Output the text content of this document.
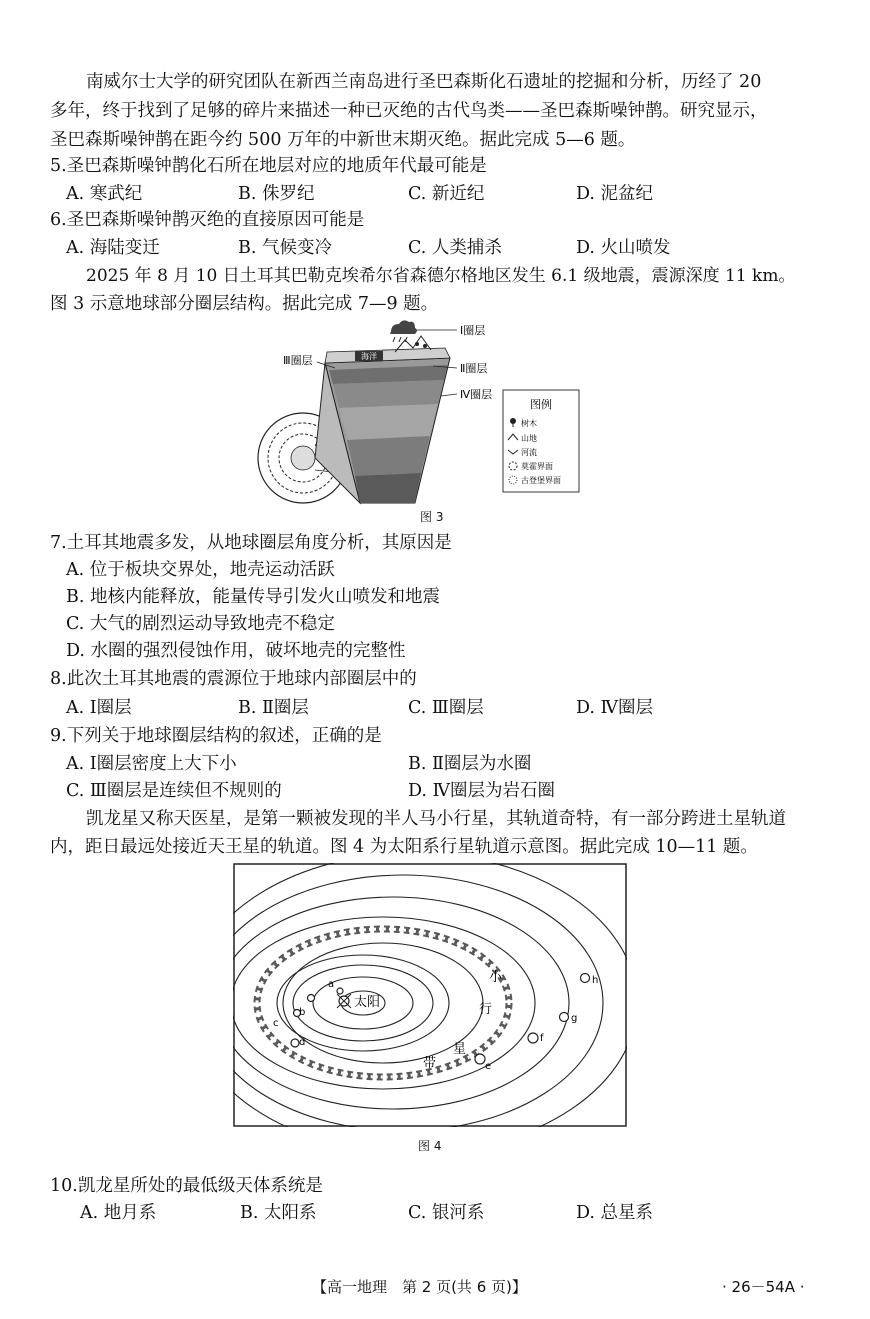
南威尔士大学的研究团队在新西兰南岛进行圣巴森斯化石遗址的挖掘和分析，历经了 20
多年，终于找到了足够的碎片来描述一种已灭绝的古代鸟类——圣巴森斯噪钟鹊。研究显示，
圣巴森斯噪钟鹊在距今约 500 万年的中新世末期灭绝。据此完成 5—6 题。
5.圣巴森斯噪钟鹊化石所在地层对应的地质年代最可能是
A. 寒武纪	B. 侏罗纪	C. 新近纪	D. 泥盆纪
6.圣巴森斯噪钟鹊灭绝的直接原因可能是
A. 海陆变迁	B. 气候变冷	C. 人类捕杀	D. 火山喷发
2025 年 8 月 10 日土耳其巴勒克埃希尔省森德尔格地区发生 6.1 级地震，震源深度 11 km。
图 3 示意地球部分圈层结构。据此完成 7—9 题。
海洋
Ⅰ圈层
Ⅱ圈层
Ⅲ圈层
Ⅳ圈层
图例
树木
山地
河流
莫霍界面
古登堡界面
图 3
7.土耳其地震多发，从地球圈层角度分析，其原因是
A. 位于板块交界处，地壳运动活跃
B. 地核内能释放，能量传导引发火山喷发和地震
C. 大气的剧烈运动导致地壳不稳定
D. 水圈的强烈侵蚀作用，破坏地壳的完整性
8.此次土耳其地震的震源位于地球内部圈层中的
A. Ⅰ圈层	B. Ⅱ圈层	C. Ⅲ圈层	D. Ⅳ圈层
9.下列关于地球圈层结构的叙述，正确的是
A. Ⅰ圈层密度上大下小	B. Ⅱ圈层为水圈
C. Ⅲ圈层是连续但不规则的	D. Ⅳ圈层为岩石圈
凯龙星又称天医星，是第一颗被发现的半人马小行星，其轨道奇特，有一部分跨进土星轨道
内，距日最远处接近天王星的轨道。图 4 为太阳系行星轨道示意图。据此完成 10—11 题。
太阳
小
行
星
带
a
b
c
d
e
f
g
h
图 4
10.凯龙星所处的最低级天体系统是
A. 地月系	B. 太阳系	C. 银河系	D. 总星系
【高一地理　第 2 页(共 6 页)】	· 26－54A ·
